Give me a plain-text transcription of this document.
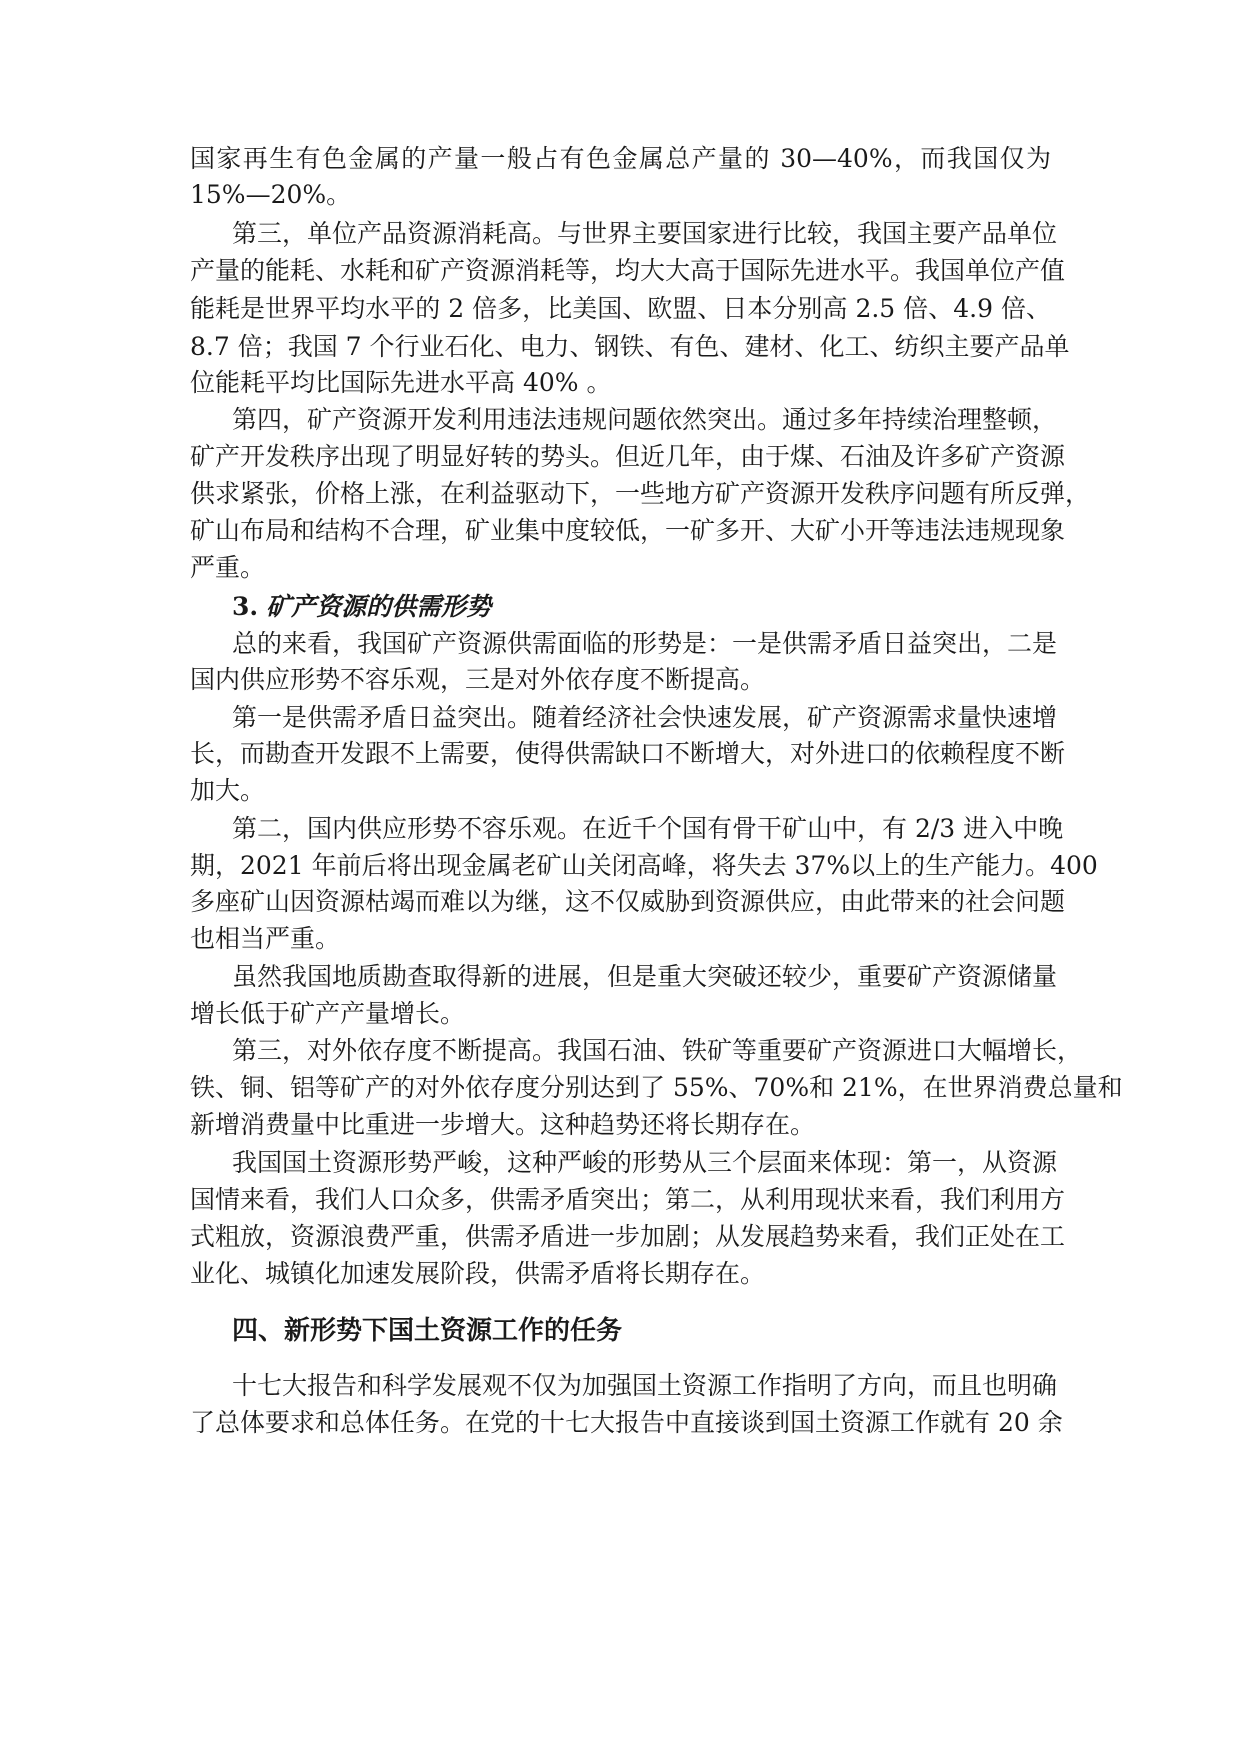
国家再生有色金属的产量一般占有色金属总产量的 30—40%，而我国仅为
15%—20%。
第三，单位产品资源消耗高。与世界主要国家进行比较，我国主要产品单位
产量的能耗、水耗和矿产资源消耗等，均大大高于国际先进水平。我国单位产值
能耗是世界平均水平的 2 倍多，比美国、欧盟、日本分别高 2.5 倍、4.9 倍、
8.7 倍；我国 7 个行业石化、电力、钢铁、有色、建材、化工、纺织主要产品单
位能耗平均比国际先进水平高 40% 。
第四，矿产资源开发利用违法违规问题依然突出。通过多年持续治理整顿，
矿产开发秩序出现了明显好转的势头。但近几年，由于煤、石油及许多矿产资源
供求紧张，价格上涨，在利益驱动下，一些地方矿产资源开发秩序问题有所反弹，
矿山布局和结构不合理，矿业集中度较低，一矿多开、大矿小开等违法违规现象
严重。
3. 矿产资源的供需形势
总的来看，我国矿产资源供需面临的形势是：一是供需矛盾日益突出，二是
国内供应形势不容乐观，三是对外依存度不断提高。
第一是供需矛盾日益突出。随着经济社会快速发展，矿产资源需求量快速增
长，而勘查开发跟不上需要，使得供需缺口不断增大，对外进口的依赖程度不断
加大。
第二，国内供应形势不容乐观。在近千个国有骨干矿山中，有 2/3 进入中晚
期，2021 年前后将出现金属老矿山关闭高峰，将失去 37%以上的生产能力。400
多座矿山因资源枯竭而难以为继，这不仅威胁到资源供应，由此带来的社会问题
也相当严重。
虽然我国地质勘查取得新的进展，但是重大突破还较少，重要矿产资源储量
增长低于矿产产量增长。
第三，对外依存度不断提高。我国石油、铁矿等重要矿产资源进口大幅增长，
铁、铜、铝等矿产的对外依存度分别达到了 55%、70%和 21%，在世界消费总量和
新增消费量中比重进一步增大。这种趋势还将长期存在。
我国国土资源形势严峻，这种严峻的形势从三个层面来体现：第一，从资源
国情来看，我们人口众多，供需矛盾突出；第二，从利用现状来看，我们利用方
式粗放，资源浪费严重，供需矛盾进一步加剧；从发展趋势来看，我们正处在工
业化、城镇化加速发展阶段，供需矛盾将长期存在。
四、新形势下国土资源工作的任务
十七大报告和科学发展观不仅为加强国土资源工作指明了方向，而且也明确
了总体要求和总体任务。在党的十七大报告中直接谈到国土资源工作就有 20 余
